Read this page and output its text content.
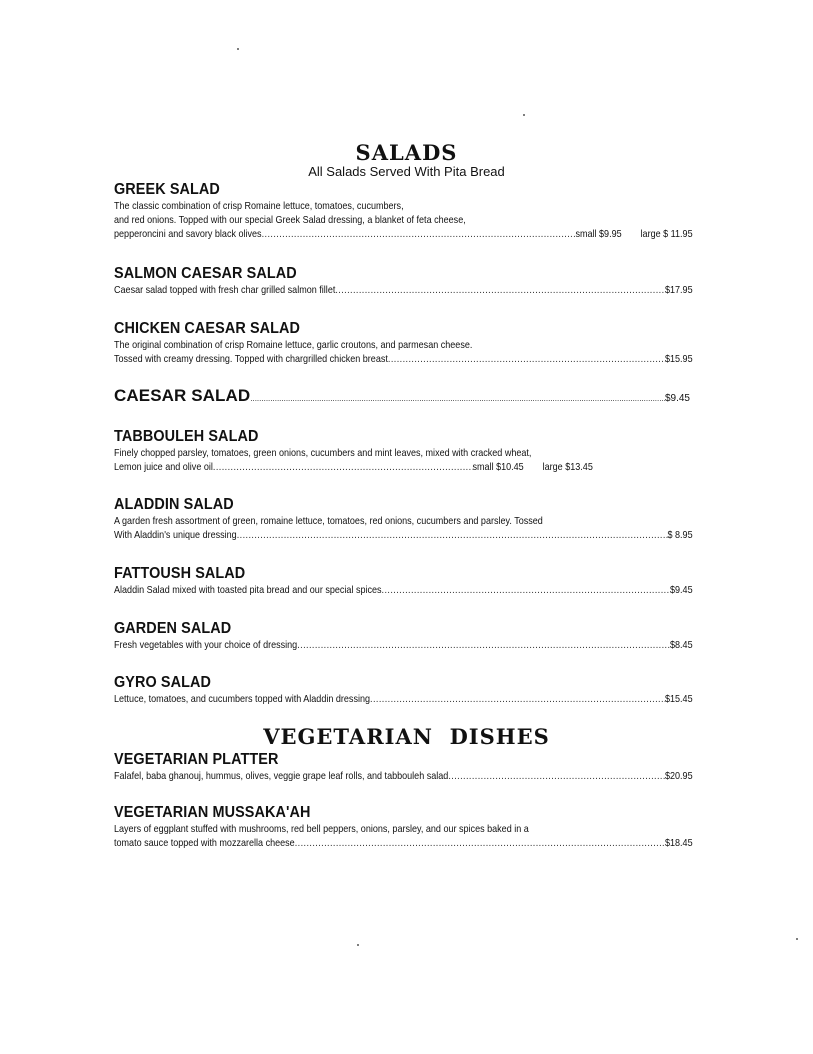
SALADS
All Salads Served With Pita Bread
GREEK SALAD
The classic combination of crisp Romaine lettuce, tomatoes, cucumbers,
and red onions. Topped with our special Greek Salad dressing, a blanket of feta cheese,
pepperoncini and savory black olives .....	small $9.95 large $ 11.95
SALMON CAESAR SALAD
Caesar salad topped with fresh char grilled salmon fillet .....	$17.95
CHICKEN CAESAR SALAD
The original combination of crisp Romaine lettuce, garlic croutons, and parmesan cheese.
Tossed with creamy dressing. Topped with chargrilled chicken breast .....	$15.95
CAESAR SALAD .....	$9.45
TABBOULEH SALAD
Finely chopped parsley, tomatoes, green onions, cucumbers and mint leaves, mixed with cracked wheat,
Lemon juice and olive oil .....	small $10.45 large $13.45
ALADDIN SALAD
A garden fresh assortment of green, romaine lettuce, tomatoes, red onions, cucumbers and parsley. Tossed
With Aladdin's unique dressing .....	$ 8.95
FATTOUSH SALAD
Aladdin Salad mixed with toasted pita bread and our special spices .....	$9.45
GARDEN SALAD
Fresh vegetables with your choice of dressing .....	$8.45
GYRO SALAD
Lettuce, tomatoes, and cucumbers topped with Aladdin dressing .....	$15.45
VEGETARIAN  DISHES
VEGETARIAN PLATTER
Falafel, baba ghanouj, hummus, olives, veggie grape leaf rolls, and tabbouleh salad .....	$20.95
VEGETARIAN MUSSAKA'AH
Layers of eggplant stuffed with mushrooms, red bell peppers, onions, parsley, and our spices baked in a
tomato sauce topped with mozzarella cheese .....	$18.45
